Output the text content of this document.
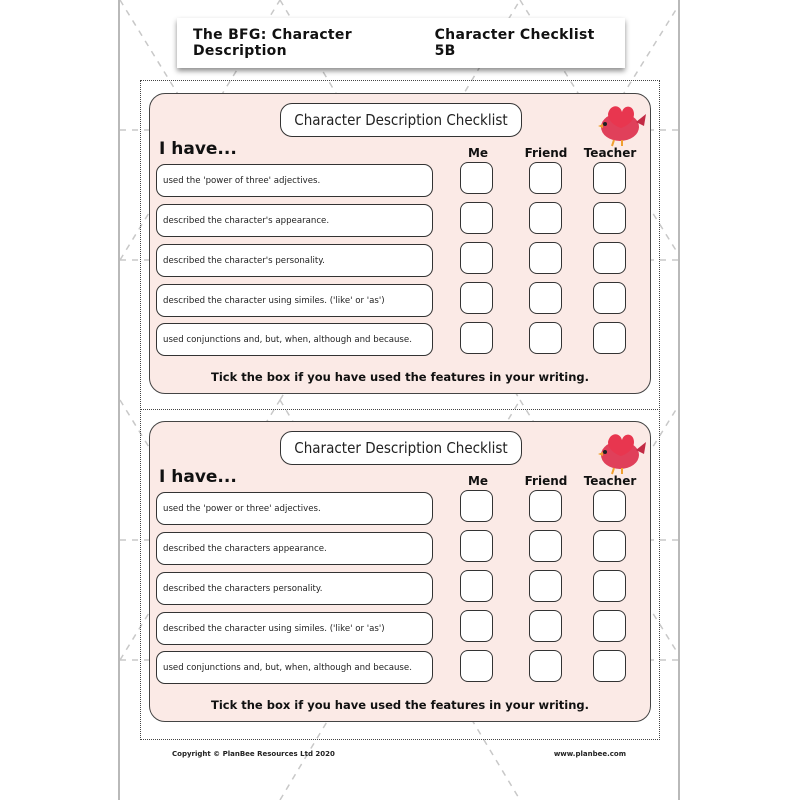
The BFG: Character Description
Character Checklist 5B
Character Description Checklist
I have...	Me	Friend	Teacher
used the 'power of three' adjectives.
described the character's appearance.
described the character's personality.
described the character using similes. ('like' or 'as')
used conjunctions and, but, when, although and because.
Tick the box if you have used the features in your writing.
Character Description Checklist
I have...	Me	Friend	Teacher
used the 'power or three' adjectives.
described the characters appearance.
described the characters personality.
described the character using similes. ('like' or 'as')
used conjunctions and, but, when, although and because.
Tick the box if you have used the features in your writing.
Copyright © PlanBee Resources Ltd 2020	www.planbee.com
